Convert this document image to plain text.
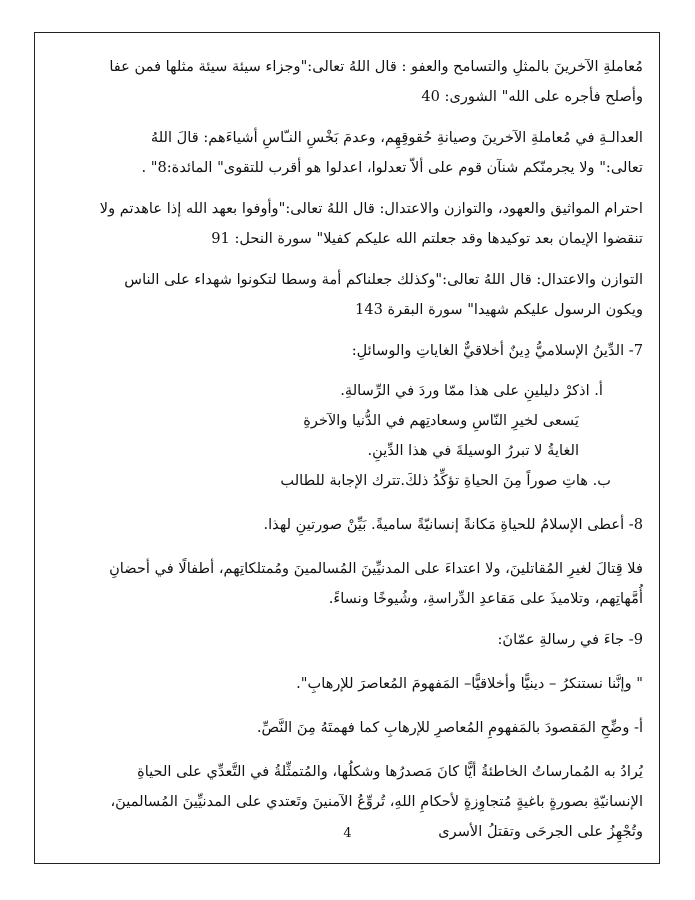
مُعاملةِ الآخرينَ بالمثلِ والتسامح والعفو : قال اللهُ تعالى:"وجزاء سيئة سيئة مثلها فمن عفا

وأصلح فأجره على الله" الشورى: 40

العدالـةِ في مُعاملةِ الآخرينَ وصيانةِ حُقوقِهِم، وعدمَ بَخْسِ النـّاسِ أشياءَهم: قالَ اللهُ

تعالى:" ولا يجرمنّكم شنآن قوم على ألاّ تعدلوا، اعدلوا هو أقرب للتقوى" المائدة:8" .

احترام المواثيق والعهود، والتوازن والاعتدال: قال اللهُ تعالى:"وأوفوا بعهد الله إذا عاهدتم ولا

تنقضوا الإيمان بعد توكيدها وقد جعلتم الله عليكم كفيلا" سورة النحل: 91

التوازن والاعتدال: قال اللهُ تعالى:"وكذلك جعلناكم أمة وسطا لتكونوا شهداء على الناس

ويكون الرسول عليكم شهيدا" سورة البقرة 143

7- الدِّينُ الإسلاميُّ دِينٌ أخلاقيٌّ الغاياتِ والوسائلِ:

أ. اذكرْ دليلينِ على هذا ممّا وردَ في الرِّسالةِ.

يَسعى لخيرِ النّاسِ وسعادتِهم في الدُّنيا والآخرةِ

الغايةُ لا تبررُ الوسيلةَ في هذا الدِّينِ.

ب. هاتِ صوراً مِنَ الحياةِ تؤكِّدُ ذلكَ.تترك الإجابة للطالب

8- أعطى الإسلامُ للحياةِ مَكانةً إنسانيّةً ساميةً. بَيِّنْ صورتينِ لهذا.

فلا قِتالَ لغيرِ المُقاتلينَ، ولا اعتداءَ على المدنيِّينَ المُسالمينَ ومُمتلكاتِهم، أطفالًا في أحضانِ

أُمَّهاتِهم، وتلاميذَ على مَقاعدِ الدِّراسةِ، وشُيوخًا ونساءً.

9- جاءَ في رسالةِ عمّانَ:

" وإنَّنا نستنكرُ – دينيًّا وأخلاقيًّا– المَفهومَ المُعاصرَ للإرهابِ".

أ- وضِّحِ المَقصودَ بالمَفهومِ المُعاصرِ للإرهابِ كما فهمتَهُ مِنَ النَّصِّ.

يُرادُ به المُمارساتُ الخاطئةُ أيًّا كانَ مَصدرُها وشكلُها، والمُتمثِّلةُ في التَّعدِّي على الحياةِ

الإنسانيّةِ بصورةٍ باغيةٍ مُتجاوِزةٍ لأحكامِ اللهِ، تُروِّعُ الآمنينَ وتَعتدي على المدنيِّينَ المُسالمينَ،

وتُجْهِزُ على الجرحَى وتقتلُ الأسرى

4
